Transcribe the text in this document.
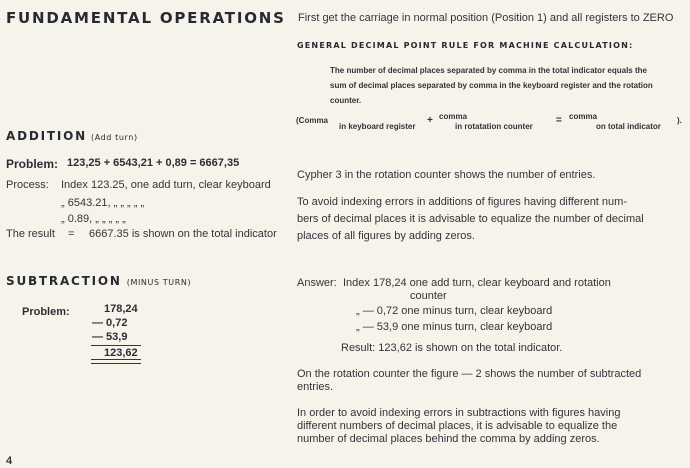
FUNDAMENTAL OPERATIONS
ADDITION (Add turn)
Problem: 123,25 + 6543,21 + 0,89 = 6667,35
Process: Index 123.25, one add turn, clear keyboard
„ 6543.21, „ „ „ „ „
„ 0.89, „ „ „ „ „
The result = 6667.35 is shown on the total indicator
SUBTRACTION (MINUS TURN)
Problem:	178,24
— 0,72
— 53,9
123,62
4
First get the carriage in normal position (Position 1) and all registers to ZERO
GENERAL DECIMAL POINT RULE FOR MACHINE CALCULATION:
The number of decimal places separated by comma in the total indicator equals the
sum of decimal places separated by comma in the keyboard register and the rotation
counter.
(Comma
in keyboard register
+ comma
in rotatation counter
= comma
on total indicator
).
Cypher 3 in the rotation counter shows the number of entries.
To avoid indexing errors in additions of figures having different num-
bers of decimal places it is advisable to equalize the number of decimal
places of all figures by adding zeros.
Answer: Index 178,24 one add turn, clear keyboard and rotation
counter
„ — 0,72 one minus turn, clear keyboard
„ — 53,9 one minus turn, clear keyboard
Result: 123,62 is shown on the total indicator.
On the rotation counter the figure — 2 shows the number of subtracted
entries.
In order to avoid indexing errors in subtractions with figures having
different numbers of decimal places, it is advisable to equalize the
number of decimal places behind the comma by adding zeros.
